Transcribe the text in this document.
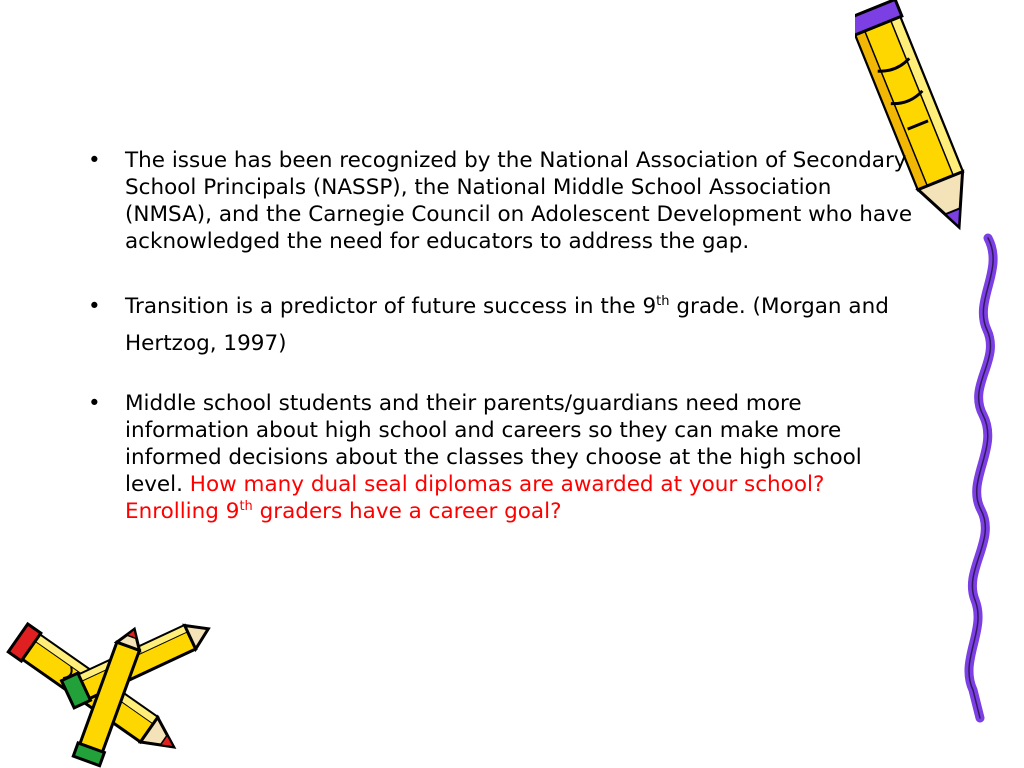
• The issue has been recognized by the National Association of Secondary School Principals (NASSP), the National Middle School Association (NMSA), and the Carnegie Council on Adolescent Development who have acknowledged the need for educators to address the gap.
• Transition is a predictor of future success in the 9th grade. (Morgan and Hertzog, 1997)
• Middle school students and their parents/guardians need more information about high school and careers so they can make more informed decisions about the classes they choose at the high school level. How many dual seal diplomas are awarded at your school? Enrolling 9th graders have a career goal?
